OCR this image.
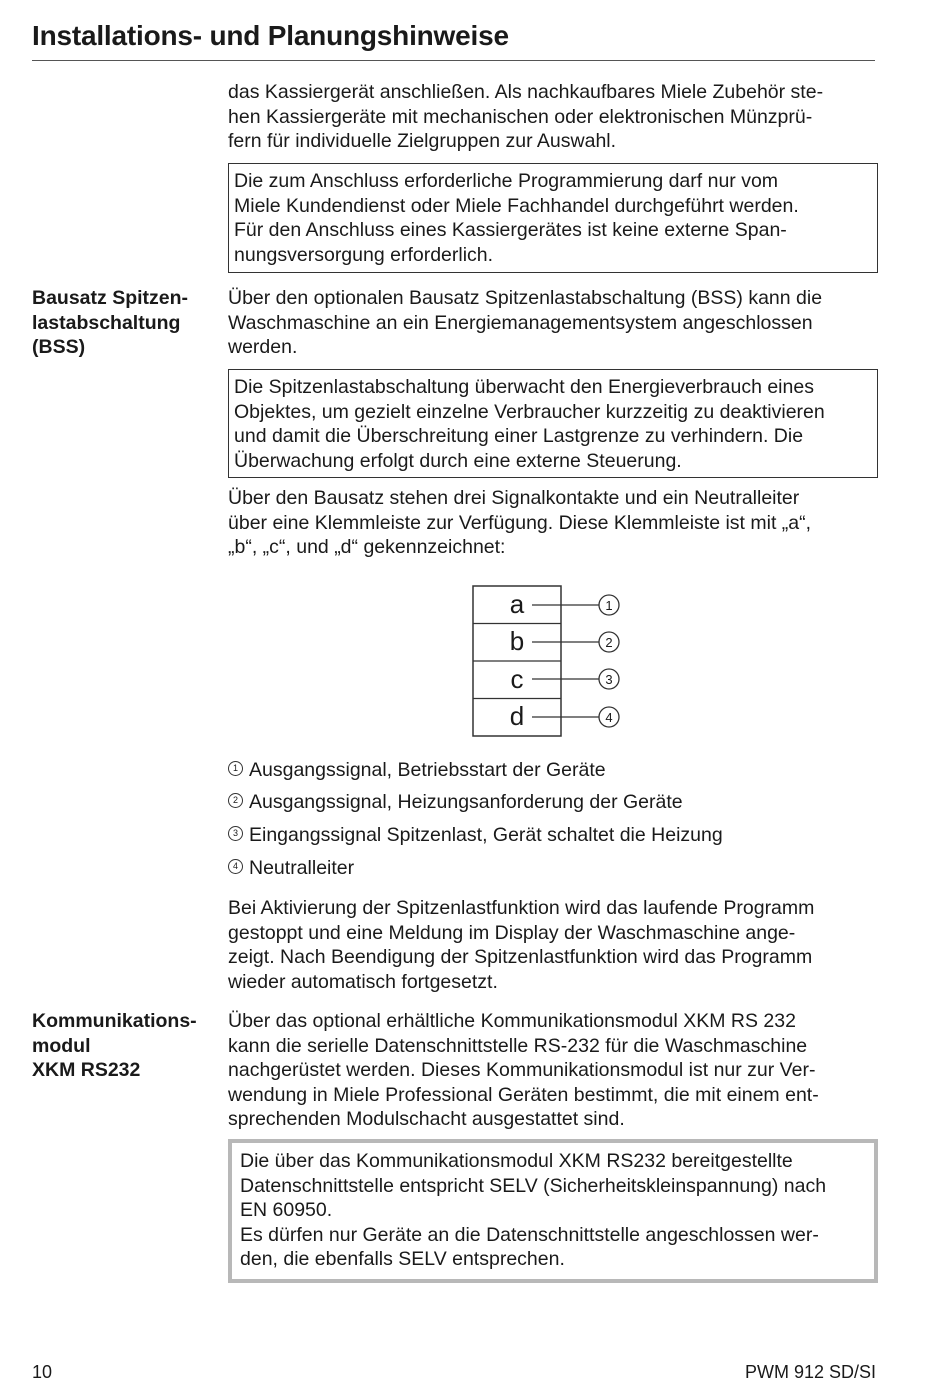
Installations- und Planungshinweise
das Kassiergerät anschließen. Als nachkaufbares Miele Zubehör ste-
hen Kassiergeräte mit mechanischen oder elektronischen Münzprü-
fern für individuelle Zielgruppen zur Auswahl.
Die zum Anschluss erforderliche Programmierung darf nur vom
Miele Kundendienst oder Miele Fachhandel durchgeführt werden.
Für den Anschluss eines Kassiergerätes ist keine externe Span-
nungsversorgung erforderlich.
Bausatz Spitzen-
lastabschaltung
(BSS)
Über den optionalen Bausatz Spitzenlastabschaltung (BSS) kann die
Waschmaschine an ein Energiemanagementsystem angeschlossen
werden.
Die Spitzenlastabschaltung überwacht den Energieverbrauch eines
Objektes, um gezielt einzelne Verbraucher kurzzeitig zu deaktivieren
und damit die Überschreitung einer Lastgrenze zu verhindern. Die
Überwachung erfolgt durch eine externe Steuerung.
Über den Bausatz stehen drei Signalkontakte und ein Neutralleiter
über eine Klemmleiste zur Verfügung. Diese Klemmleiste ist mit „a“,
„b“, „c“, und „d“ gekennzeichnet:
a
b
c
d
1
2
3
4
1 Ausgangssignal, Betriebsstart der Geräte
2 Ausgangssignal, Heizungsanforderung der Geräte
3 Eingangssignal Spitzenlast, Gerät schaltet die Heizung
4 Neutralleiter
Bei Aktivierung der Spitzenlastfunktion wird das laufende Programm
gestoppt und eine Meldung im Display der Waschmaschine ange-
zeigt. Nach Beendigung der Spitzenlastfunktion wird das Programm
wieder automatisch fortgesetzt.
Kommunikations-
modul
XKM RS232
Über das optional erhältliche Kommunikationsmodul XKM RS 232
kann die serielle Datenschnittstelle RS-232 für die Waschmaschine
nachgerüstet werden. Dieses Kommunikationsmodul ist nur zur Ver-
wendung in Miele Professional Geräten bestimmt, die mit einem ent-
sprechenden Modulschacht ausgestattet sind.
Die über das Kommunikationsmodul XKM RS232 bereitgestellte
Datenschnittstelle entspricht SELV (Sicherheitskleinspannung) nach
EN 60950.
Es dürfen nur Geräte an die Datenschnittstelle angeschlossen wer-
den, die ebenfalls SELV entsprechen.
10	PWM 912 SD/SI
